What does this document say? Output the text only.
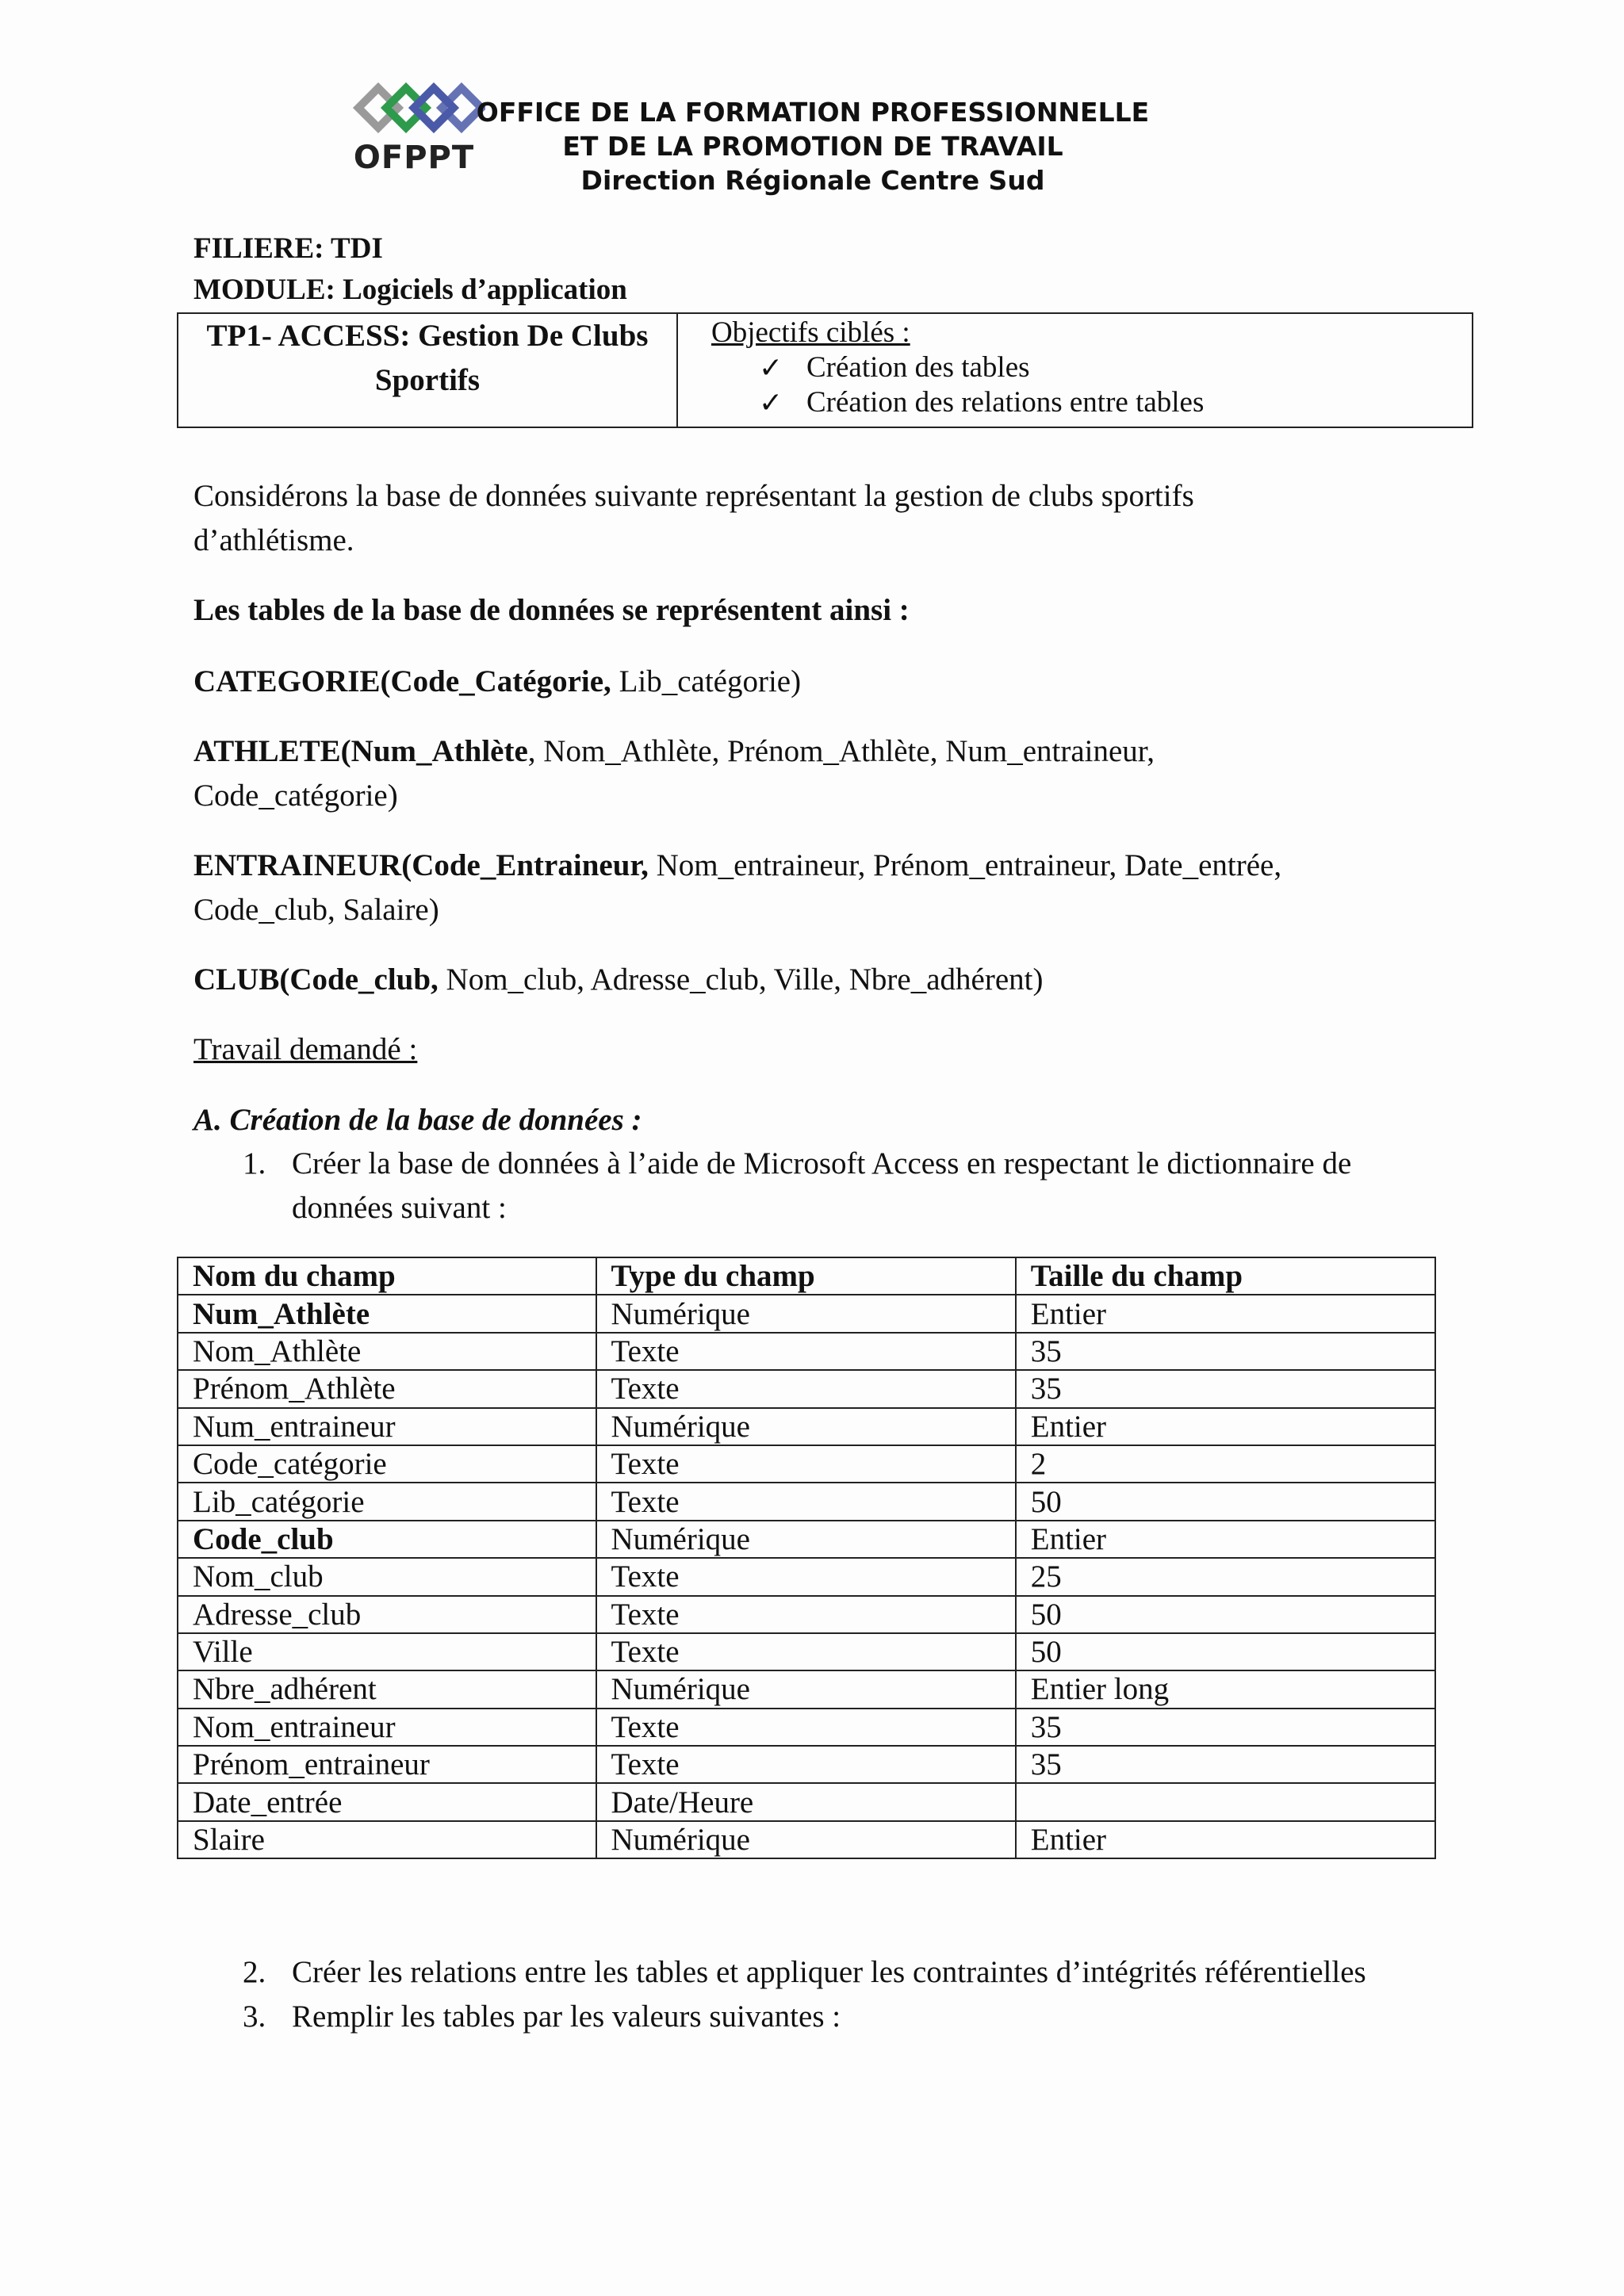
OFPPT
OFFICE DE LA FORMATION PROFESSIONNELLE
ET DE LA PROMOTION DE TRAVAIL
Direction Régionale Centre Sud
FILIERE: TDI
MODULE: Logiciels d’application
TP1- ACCESS: Gestion De Clubs
Sportifs
Objectifs ciblés :
✓ Création des tables
✓ Création des relations entre tables
Considérons la base de données suivante représentant la gestion de clubs sportifs
d’athlétisme.
Les tables de la base de données se représentent ainsi :
CATEGORIE(Code_Catégorie, Lib_catégorie)
ATHLETE(Num_Athlète, Nom_Athlète, Prénom_Athlète, Num_entraineur,
Code_catégorie)
ENTRAINEUR(Code_Entraineur, Nom_entraineur, Prénom_entraineur, Date_entrée,
Code_club, Salaire)
CLUB(Code_club, Nom_club, Adresse_club, Ville, Nbre_adhérent)
Travail demandé :
A. Création de la base de données :
1. Créer la base de données à l’aide de Microsoft Access en respectant le dictionnaire de
données suivant :
Nom du champ	Type du champ	Taille du champ
Num_Athlète	Numérique	Entier
Nom_Athlète	Texte	35
Prénom_Athlète	Texte	35
Num_entraineur	Numérique	Entier
Code_catégorie	Texte	2
Lib_catégorie	Texte	50
Code_club	Numérique	Entier
Nom_club	Texte	25
Adresse_club	Texte	50
Ville	Texte	50
Nbre_adhérent	Numérique	Entier long
Nom_entraineur	Texte	35
Prénom_entraineur	Texte	35
Date_entrée	Date/Heure	
Slaire	Numérique	Entier
2. Créer les relations entre les tables et appliquer les contraintes d’intégrités référentielles
3. Remplir les tables par les valeurs suivantes :
